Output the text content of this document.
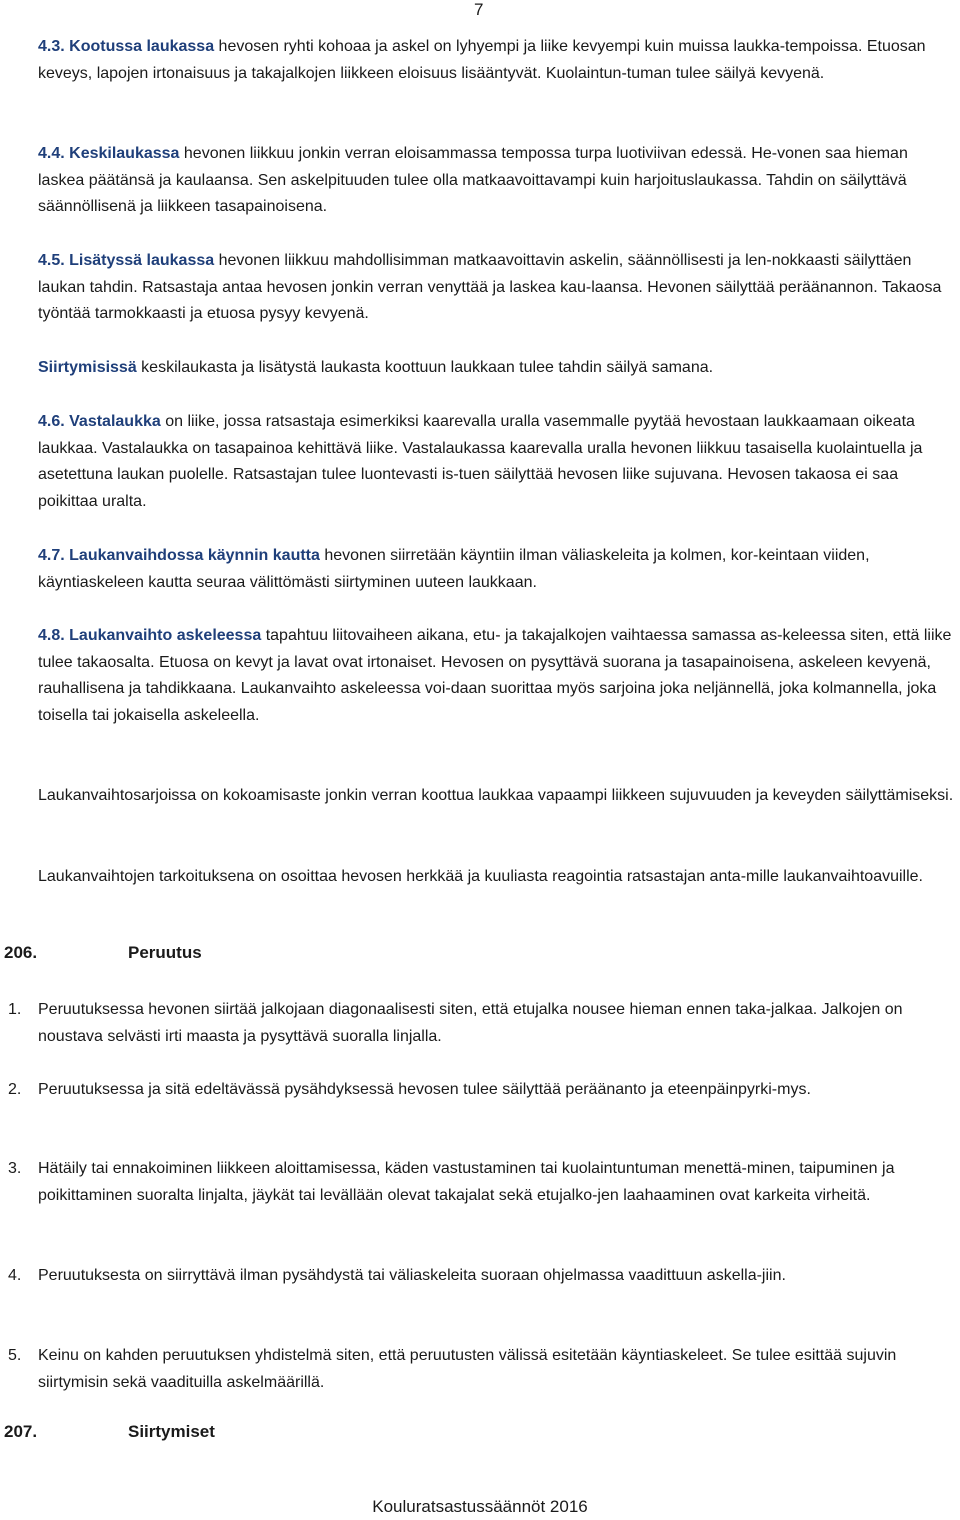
7
4.3. Kootussa laukassa hevosen ryhti kohoaa ja askel on lyhyempi ja liike kevyempi kuin muissa laukka-tempoissa. Etuosan keveys, lapojen irtonaisuus ja takajalkojen liikkeen eloisuus lisääntyvät. Kuolaintun-tuman tulee säilyä kevyenä.
4.4. Keskilaukassa hevonen liikkuu jonkin verran eloisammassa tempossa turpa luotiviivan edessä. He-vonen saa hieman laskea päätänsä ja kaulaansa. Sen askelpituuden tulee olla matkaavoittavampi kuin harjoituslaukassa. Tahdin on säilyttävä säännöllisenä ja liikkeen tasapainoisena.
4.5. Lisätyssä laukassa hevonen liikkuu mahdollisimman matkaavoittavin askelin, säännöllisesti ja len-nokkaasti säilyttäen laukan tahdin. Ratsastaja antaa hevosen jonkin verran venyttää ja laskea kau-laansa. Hevonen säilyttää peräänannon. Takaosa työntää tarmokkaasti ja etuosa pysyy kevyenä.
Siirtymisissä keskilaukasta ja lisätystä laukasta koottuun laukkaan tulee tahdin säilyä samana.
4.6. Vastalaukka on liike, jossa ratsastaja esimerkiksi kaarevalla uralla vasemmalle pyytää hevostaan laukkaamaan oikeata laukkaa. Vastalaukka on tasapainoa kehittävä liike. Vastalaukassa kaarevalla uralla hevonen liikkuu tasaisella kuolaintuella ja asetettuna laukan puolelle. Ratsastajan tulee luontevasti is-tuen säilyttää hevosen liike sujuvana. Hevosen takaosa ei saa poikittaa uralta.
4.7. Laukanvaihdossa käynnin kautta hevonen siirretään käyntiin ilman väliaskeleita ja kolmen, kor-keintaan viiden, käyntiaskeleen kautta seuraa välittömästi siirtyminen uuteen laukkaan.
4.8. Laukanvaihto askeleessa tapahtuu liitovaiheen aikana, etu- ja takajalkojen vaihtaessa samassa as-keleessa siten, että liike tulee takaosalta. Etuosa on kevyt ja lavat ovat irtonaiset. Hevosen on pysyttävä suorana ja tasapainoisena, askeleen kevyenä, rauhallisena ja tahdikkaana. Laukanvaihto askeleessa voi-daan suorittaa myös sarjoina joka neljännellä, joka kolmannella, joka toisella tai jokaisella askeleella.
Laukanvaihtosarjoissa on kokoamisaste jonkin verran koottua laukkaa vapaampi liikkeen sujuvuuden ja keveyden säilyttämiseksi.
Laukanvaihtojen tarkoituksena on osoittaa hevosen herkkää ja kuuliasta reagointia ratsastajan anta-mille laukanvaihtoavuille.
206.	Peruutus
1. Peruutuksessa hevonen siirtää jalkojaan diagonaalisesti siten, että etujalka nousee hieman ennen taka-jalkaa. Jalkojen on noustava selvästi irti maasta ja pysyttävä suoralla linjalla.
2. Peruutuksessa ja sitä edeltävässä pysähdyksessä hevosen tulee säilyttää peräänanto ja eteenpäinpyrki-mys.
3. Hätäily tai ennakoiminen liikkeen aloittamisessa, käden vastustaminen tai kuolaintuntuman menettä-minen, taipuminen ja poikittaminen suoralta linjalta, jäykät tai levällään olevat takajalat sekä etujalko-jen laahaaminen ovat karkeita virheitä.
4. Peruutuksesta on siirryttävä ilman pysähdystä tai väliaskeleita suoraan ohjelmassa vaadittuun askella-jiin.
5. Keinu on kahden peruutuksen yhdistelmä siten, että peruutusten välissä esitetään käyntiaskeleet. Se tulee esittää sujuvin siirtymisin sekä vaadituilla askelmäärillä.
207.	Siirtymiset
Kouluratsastussäännöt 2016
